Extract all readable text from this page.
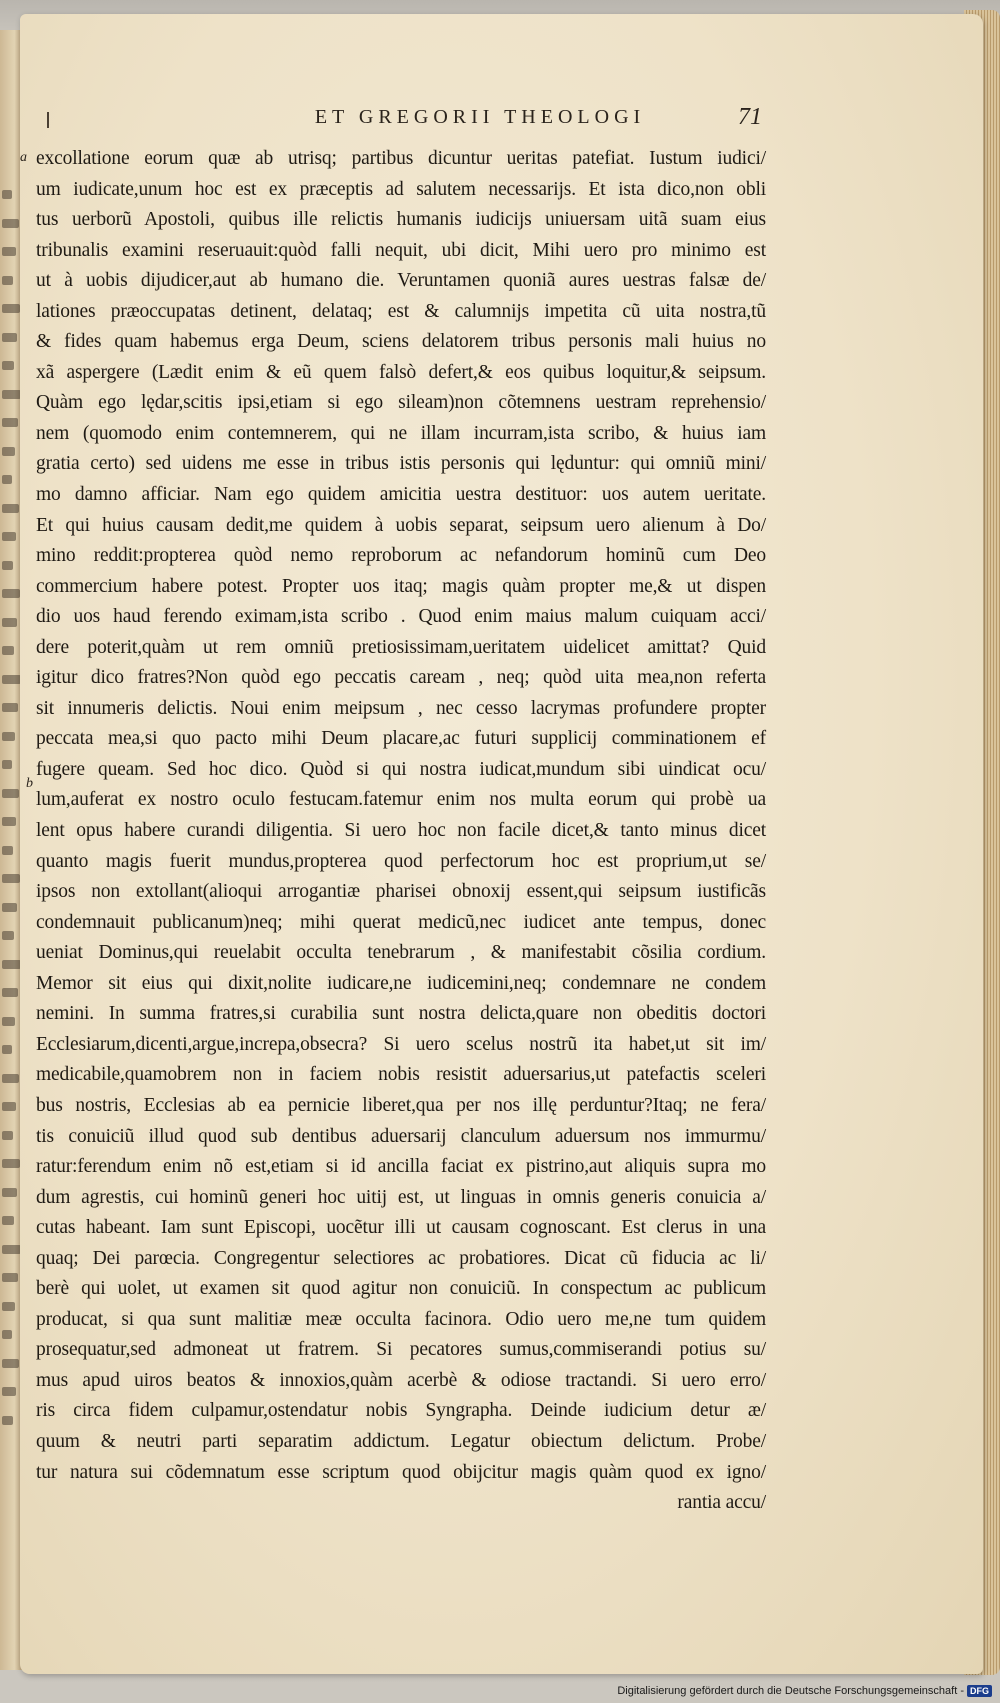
ET GREGORII THEOLOGI	71
a
b
excollatione eorum quæ ab utrisq; partibus dicuntur ueritas patefiat. Iustum iudici/
um iudicate,unum hoc est ex præceptis ad salutem necessarijs. Et ista dico,non obli
tus uerborũ Apostoli, quibus ille relictis humanis iudicijs uniuersam uitã suam eius
tribunalis examini reseruauit:quòd falli nequit, ubi dicit, Mihi uero pro minimo est
ut à uobis dijudicer,aut ab humano die. Veruntamen quoniã aures uestras falsæ de/
lationes præoccupatas detinent, delataq; est & calumnijs impetita cũ uita nostra,tũ
& fides quam habemus erga Deum, sciens delatorem tribus personis mali huius no
xã aspergere (Lædit enim & eũ quem falsò defert,& eos quibus loquitur,& seipsum.
Quàm ego lędar,scitis ipsi,etiam si ego sileam)non cõtemnens uestram reprehensio/
nem (quomodo enim contemnerem, qui ne illam incurram,ista scribo, & huius iam
gratia certo) sed uidens me esse in tribus istis personis qui lęduntur: qui omniũ mini/
mo damno afficiar. Nam ego quidem amicitia uestra destituor: uos autem ueritate.
Et qui huius causam dedit,me quidem à uobis separat, seipsum uero alienum à Do/
mino reddit:propterea quòd nemo reproborum ac nefandorum hominũ cum Deo
commercium habere potest. Propter uos itaq; magis quàm propter me,& ut dispen
dio uos haud ferendo eximam,ista scribo . Quod enim maius malum cuiquam acci/
dere poterit,quàm ut rem omniũ pretiosissimam,ueritatem uidelicet amittat? Quid
igitur dico fratres?Non quòd ego peccatis caream , neq; quòd uita mea,non referta
sit innumeris delictis. Noui enim meipsum , nec cesso lacrymas profundere propter
peccata mea,si quo pacto mihi Deum placare,ac futuri supplicij comminationem ef
fugere queam. Sed hoc dico. Quòd si qui nostra iudicat,mundum sibi uindicat ocu/
lum,auferat ex nostro oculo festucam.fatemur enim nos multa eorum qui probè ua
lent opus habere curandi diligentia. Si uero hoc non facile dicet,& tanto minus dicet
quanto magis fuerit mundus,propterea quod perfectorum hoc est proprium,ut se/
ipsos non extollant(alioqui arrogantiæ pharisei obnoxij essent,qui seipsum iustificãs
condemnauit publicanum)neq; mihi querat medicũ,nec iudicet ante tempus, donec
ueniat Dominus,qui reuelabit occulta tenebrarum , & manifestabit cõsilia cordium.
Memor sit eius qui dixit,nolite iudicare,ne iudicemini,neq; condemnare ne condem
nemini. In summa fratres,si curabilia sunt nostra delicta,quare non obeditis doctori
Ecclesiarum,dicenti,argue,increpa,obsecra? Si uero scelus nostrũ ita habet,ut sit im/
medicabile,quamobrem non in faciem nobis resistit aduersarius,ut patefactis sceleri
bus nostris, Ecclesias ab ea pernicie liberet,qua per nos illę perduntur?Itaq; ne fera/
tis conuiciũ illud quod sub dentibus aduersarij clanculum aduersum nos immurmu/
ratur:ferendum enim nõ est,etiam si id ancilla faciat ex pistrino,aut aliquis supra mo
dum agrestis, cui hominũ generi hoc uitij est, ut linguas in omnis generis conuicia a/
cutas habeant. Iam sunt Episcopi, uocẽtur illi ut causam cognoscant. Est clerus in una
quaq; Dei parœcia. Congregentur selectiores ac probatiores. Dicat cũ fiducia ac li/
berè qui uolet, ut examen sit quod agitur non conuiciũ. In conspectum ac publicum
producat, si qua sunt malitiæ meæ occulta facinora. Odio uero me,ne tum quidem
prosequatur,sed admoneat ut fratrem. Si pecatores sumus,commiserandi potius su/
mus apud uiros beatos & innoxios,quàm acerbè & odiose tractandi. Si uero erro/
ris circa fidem culpamur,ostendatur nobis Syngrapha. Deinde iudicium detur æ/
quum & neutri parti separatim addictum. Legatur obiectum delictum. Probe/
tur natura sui cõdemnatum esse scriptum quod obijcitur magis quàm quod ex igno/
rantia accu/
Digitalisierung gefördert durch die Deutsche Forschungsgemeinschaft - DFG
